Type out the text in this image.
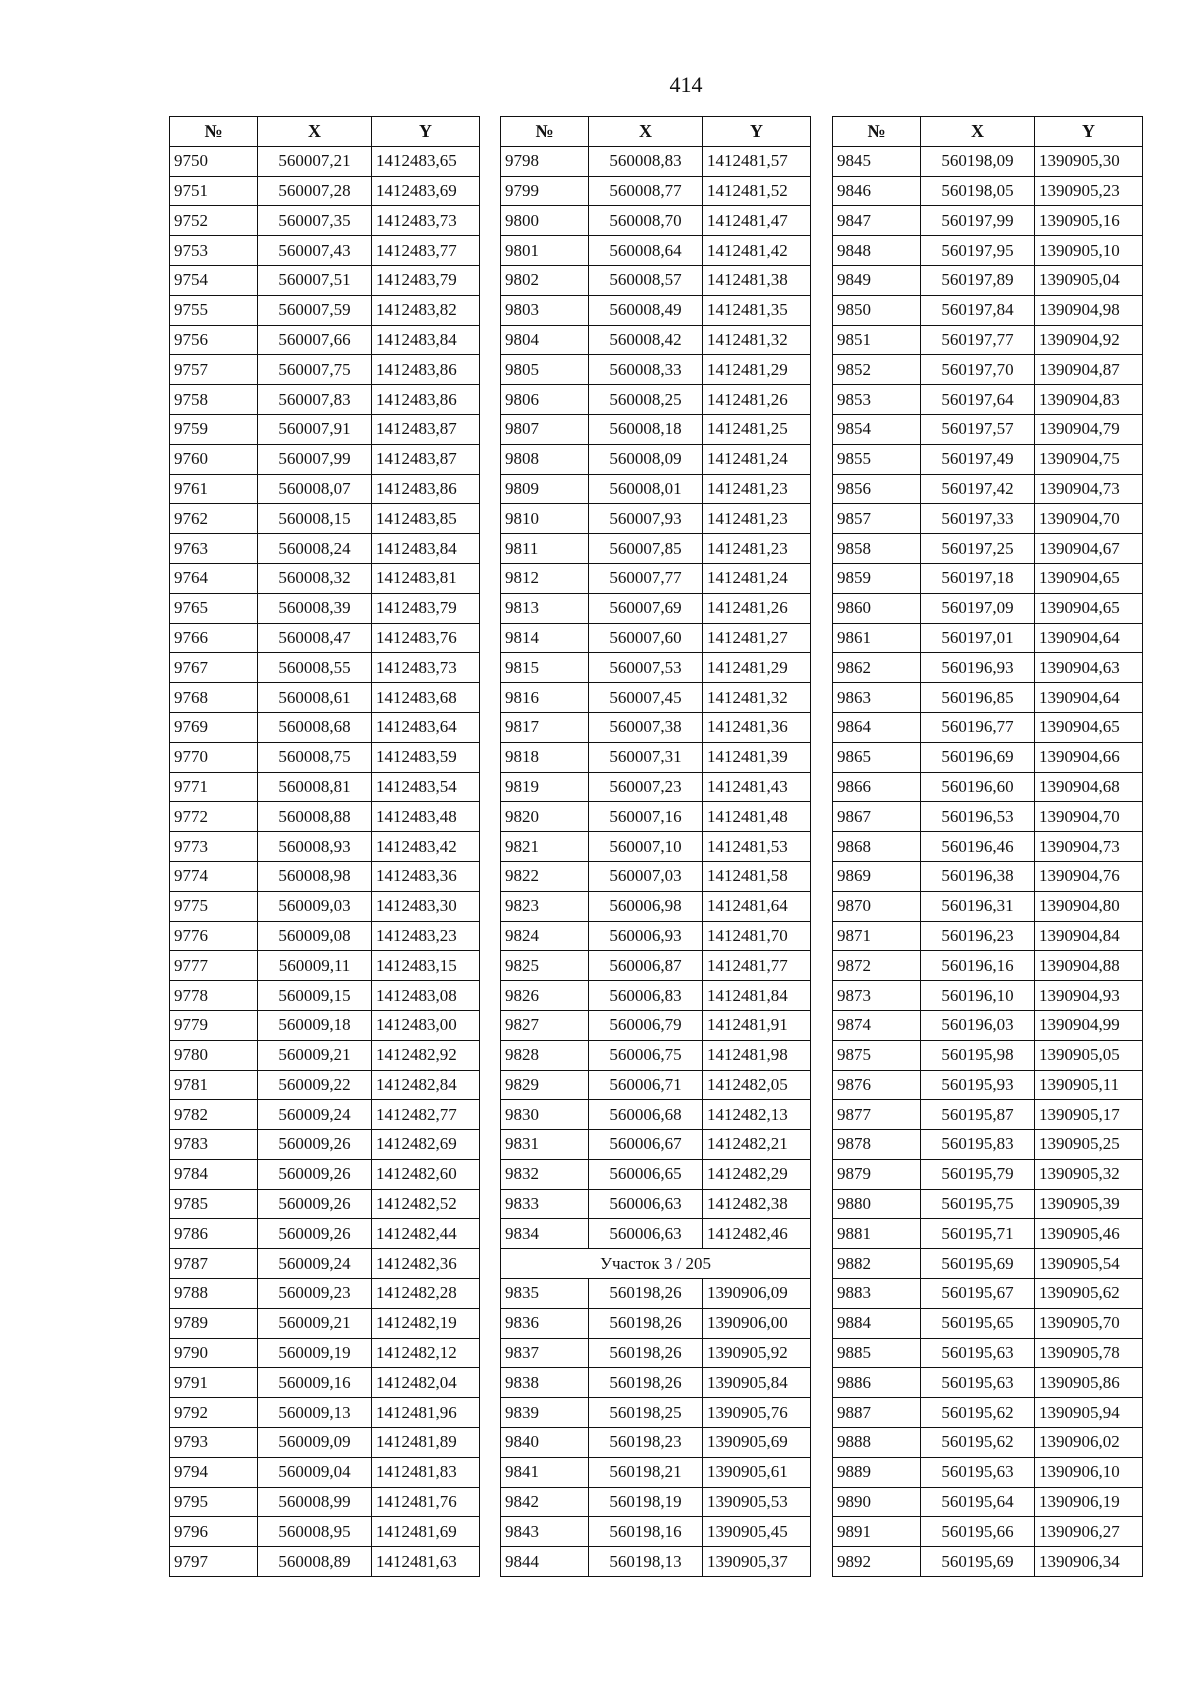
414
№	X	Y
9750	560007,21	1412483,65
9751	560007,28	1412483,69
9752	560007,35	1412483,73
9753	560007,43	1412483,77
9754	560007,51	1412483,79
9755	560007,59	1412483,82
9756	560007,66	1412483,84
9757	560007,75	1412483,86
9758	560007,83	1412483,86
9759	560007,91	1412483,87
9760	560007,99	1412483,87
9761	560008,07	1412483,86
9762	560008,15	1412483,85
9763	560008,24	1412483,84
9764	560008,32	1412483,81
9765	560008,39	1412483,79
9766	560008,47	1412483,76
9767	560008,55	1412483,73
9768	560008,61	1412483,68
9769	560008,68	1412483,64
9770	560008,75	1412483,59
9771	560008,81	1412483,54
9772	560008,88	1412483,48
9773	560008,93	1412483,42
9774	560008,98	1412483,36
9775	560009,03	1412483,30
9776	560009,08	1412483,23
9777	560009,11	1412483,15
9778	560009,15	1412483,08
9779	560009,18	1412483,00
9780	560009,21	1412482,92
9781	560009,22	1412482,84
9782	560009,24	1412482,77
9783	560009,26	1412482,69
9784	560009,26	1412482,60
9785	560009,26	1412482,52
9786	560009,26	1412482,44
9787	560009,24	1412482,36
9788	560009,23	1412482,28
9789	560009,21	1412482,19
9790	560009,19	1412482,12
9791	560009,16	1412482,04
9792	560009,13	1412481,96
9793	560009,09	1412481,89
9794	560009,04	1412481,83
9795	560008,99	1412481,76
9796	560008,95	1412481,69
9797	560008,89	1412481,63
№	X	Y
9798	560008,83	1412481,57
9799	560008,77	1412481,52
9800	560008,70	1412481,47
9801	560008,64	1412481,42
9802	560008,57	1412481,38
9803	560008,49	1412481,35
9804	560008,42	1412481,32
9805	560008,33	1412481,29
9806	560008,25	1412481,26
9807	560008,18	1412481,25
9808	560008,09	1412481,24
9809	560008,01	1412481,23
9810	560007,93	1412481,23
9811	560007,85	1412481,23
9812	560007,77	1412481,24
9813	560007,69	1412481,26
9814	560007,60	1412481,27
9815	560007,53	1412481,29
9816	560007,45	1412481,32
9817	560007,38	1412481,36
9818	560007,31	1412481,39
9819	560007,23	1412481,43
9820	560007,16	1412481,48
9821	560007,10	1412481,53
9822	560007,03	1412481,58
9823	560006,98	1412481,64
9824	560006,93	1412481,70
9825	560006,87	1412481,77
9826	560006,83	1412481,84
9827	560006,79	1412481,91
9828	560006,75	1412481,98
9829	560006,71	1412482,05
9830	560006,68	1412482,13
9831	560006,67	1412482,21
9832	560006,65	1412482,29
9833	560006,63	1412482,38
9834	560006,63	1412482,46
Участок 3 / 205		
9835	560198,26	1390906,09
9836	560198,26	1390906,00
9837	560198,26	1390905,92
9838	560198,26	1390905,84
9839	560198,25	1390905,76
9840	560198,23	1390905,69
9841	560198,21	1390905,61
9842	560198,19	1390905,53
9843	560198,16	1390905,45
9844	560198,13	1390905,37
№	X	Y
9845	560198,09	1390905,30
9846	560198,05	1390905,23
9847	560197,99	1390905,16
9848	560197,95	1390905,10
9849	560197,89	1390905,04
9850	560197,84	1390904,98
9851	560197,77	1390904,92
9852	560197,70	1390904,87
9853	560197,64	1390904,83
9854	560197,57	1390904,79
9855	560197,49	1390904,75
9856	560197,42	1390904,73
9857	560197,33	1390904,70
9858	560197,25	1390904,67
9859	560197,18	1390904,65
9860	560197,09	1390904,65
9861	560197,01	1390904,64
9862	560196,93	1390904,63
9863	560196,85	1390904,64
9864	560196,77	1390904,65
9865	560196,69	1390904,66
9866	560196,60	1390904,68
9867	560196,53	1390904,70
9868	560196,46	1390904,73
9869	560196,38	1390904,76
9870	560196,31	1390904,80
9871	560196,23	1390904,84
9872	560196,16	1390904,88
9873	560196,10	1390904,93
9874	560196,03	1390904,99
9875	560195,98	1390905,05
9876	560195,93	1390905,11
9877	560195,87	1390905,17
9878	560195,83	1390905,25
9879	560195,79	1390905,32
9880	560195,75	1390905,39
9881	560195,71	1390905,46
9882	560195,69	1390905,54
9883	560195,67	1390905,62
9884	560195,65	1390905,70
9885	560195,63	1390905,78
9886	560195,63	1390905,86
9887	560195,62	1390905,94
9888	560195,62	1390906,02
9889	560195,63	1390906,10
9890	560195,64	1390906,19
9891	560195,66	1390906,27
9892	560195,69	1390906,34
